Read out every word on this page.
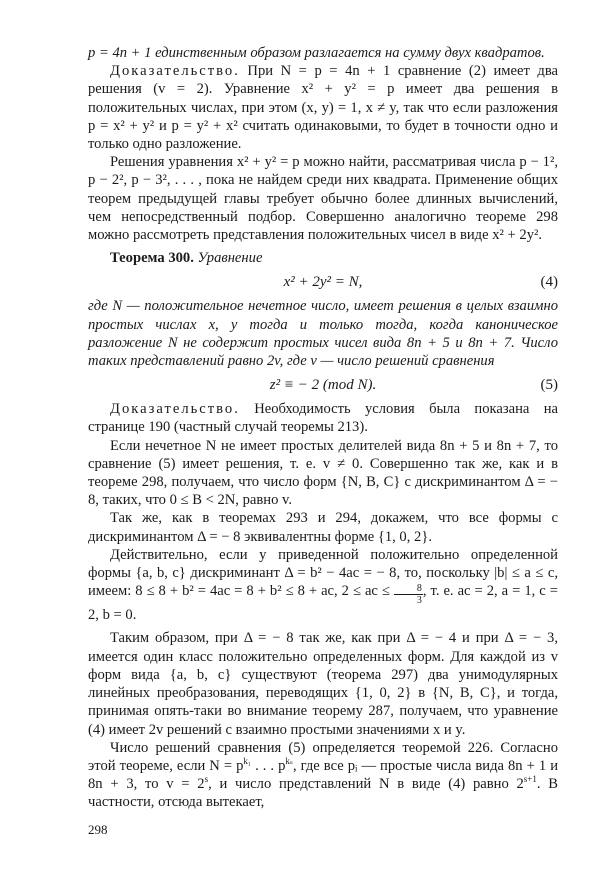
p = 4n + 1 единственным образом разлагается на сумму двух квадратов.

Доказательство. При N = p = 4n + 1 сравнение (2) имеет два решения (v = 2). Уравнение x² + y² = p имеет два решения в положительных числах, при этом (x, y) = 1, x ≠ y, так что если разложения p = x² + y² и p = y² + x² считать одинаковыми, то будет в точности одно и только одно разложение.

Решения уравнения x² + y² = p можно найти, рассматривая числа p − 1², p − 2², p − 3², . . . , пока не найдем среди них квадрата. Применение общих теорем предыдущей главы требует обычно более длинных вычислений, чем непосредственный подбор. Совершенно аналогично теореме 298 можно рассмотреть представления положительных чисел в виде x² + 2y².

Теорема 300. Уравнение

x² + 2y² = N,	(4)

где N — положительное нечетное число, имеет решения в целых взаимно простых числах x, y тогда и только тогда, когда каноническое разложение N не содержит простых чисел вида 8n + 5 и 8n + 7. Число таких представлений равно 2v, где v — число решений сравнения

z² ≡ − 2 (mod N).	(5)

Доказательство. Необходимость условия была показана на странице 190 (частный случай теоремы 213).

Если нечетное N не имеет простых делителей вида 8n + 5 и 8n + 7, то сравнение (5) имеет решения, т. е. v ≠ 0. Совершенно так же, как и в теореме 298, получаем, что число форм {N, B, C} с дискриминантом Δ = − 8, таких, что 0 ≤ B < 2N, равно v.

Так же, как в теоремах 293 и 294, докажем, что все формы с дискриминантом Δ = − 8 эквивалентны форме {1, 0, 2}.

Действительно, если у приведенной положительно определенной формы {a, b, c} дискриминант Δ = b² − 4ac = − 8, то, поскольку |b| ≤ a ≤ c, имеем: 8 ≤ 8 + b² = 4ac = 8 + b² ≤ 8 + ac, 2 ≤ ac ≤ $\frac{8}{3}$ , т. е. ac = 2, a = 1, c = 2, b = 0.

Таким образом, при Δ = − 8 так же, как при Δ = − 4 и при Δ = − 3, имеется один класс положительно определенных форм. Для каждой из v форм вида {a, b, c} существуют (теорема 297) два унимодулярных линейных преобразования, переводящих {1, 0, 2} в {N, B, C}, и тогда, принимая опять-таки во внимание теорему 287, получаем, что уравнение (4) имеет 2v решений с взаимно простыми значениями x и y.

Число решений сравнения (5) определяется теоремой 226. Согласно этой теореме, если $N = p^{k_1}$ . . . $p^{k_s}$, где все pᵢ — простые числа вида 8n + 1 и 8n + 3, то $v = 2^s$, и число представлений N в виде (4) равно $2^{s+1}$. В частности, отсюда вытекает,

298
